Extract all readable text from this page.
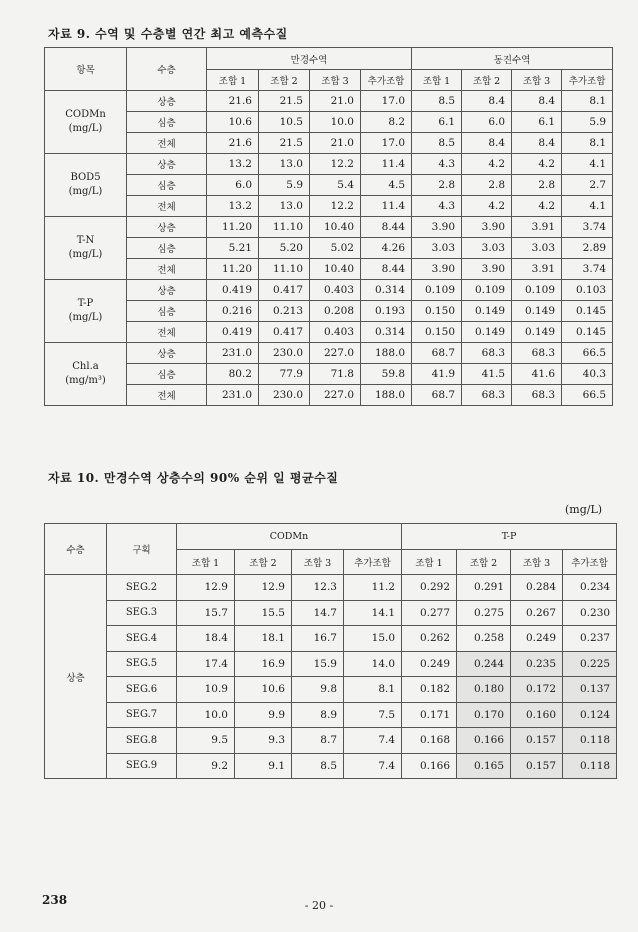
자료 9. 수역 및 수층별 연간 최고 예측수질
항목	수층	만경수역				동진수역			
		조합 1	조합 2	조합 3	추가조합	조합 1	조합 2	조합 3	추가조합
CODMn
(mg/L)	상층	21.6	21.5	21.0	17.0	8.5	8.4	8.4	8.1
	심층	10.6	10.5	10.0	8.2	6.1	6.0	6.1	5.9
	전체	21.6	21.5	21.0	17.0	8.5	8.4	8.4	8.1
BOD5
(mg/L)	상층	13.2	13.0	12.2	11.4	4.3	4.2	4.2	4.1
	심층	6.0	5.9	5.4	4.5	2.8	2.8	2.8	2.7
	전체	13.2	13.0	12.2	11.4	4.3	4.2	4.2	4.1
T-N
(mg/L)	상층	11.20	11.10	10.40	8.44	3.90	3.90	3.91	3.74
	심층	5.21	5.20	5.02	4.26	3.03	3.03	3.03	2.89
	전체	11.20	11.10	10.40	8.44	3.90	3.90	3.91	3.74
T-P
(mg/L)	상층	0.419	0.417	0.403	0.314	0.109	0.109	0.109	0.103
	심층	0.216	0.213	0.208	0.193	0.150	0.149	0.149	0.145
	전체	0.419	0.417	0.403	0.314	0.150	0.149	0.149	0.145
Chl.a
(mg/m³)	상층	231.0	230.0	227.0	188.0	68.7	68.3	68.3	66.5
	심층	80.2	77.9	71.8	59.8	41.9	41.5	41.6	40.3
	전체	231.0	230.0	227.0	188.0	68.7	68.3	68.3	66.5
자료 10. 만경수역 상층수의 90% 순위 일 평균수질
(mg/L)
수층	구획	CODMn				T-P			
		조합 1	조합 2	조합 3	추가조합	조합 1	조합 2	조합 3	추가조합
상층	SEG.2	12.9	12.9	12.3	11.2	0.292	0.291	0.284	0.234
	SEG.3	15.7	15.5	14.7	14.1	0.277	0.275	0.267	0.230
	SEG.4	18.4	18.1	16.7	15.0	0.262	0.258	0.249	0.237
	SEG.5	17.4	16.9	15.9	14.0	0.249	0.244	0.235	0.225
	SEG.6	10.9	10.6	9.8	8.1	0.182	0.180	0.172	0.137
	SEG.7	10.0	9.9	8.9	7.5	0.171	0.170	0.160	0.124
	SEG.8	9.5	9.3	8.7	7.4	0.168	0.166	0.157	0.118
	SEG.9	9.2	9.1	8.5	7.4	0.166	0.165	0.157	0.118
238	- 20 -
